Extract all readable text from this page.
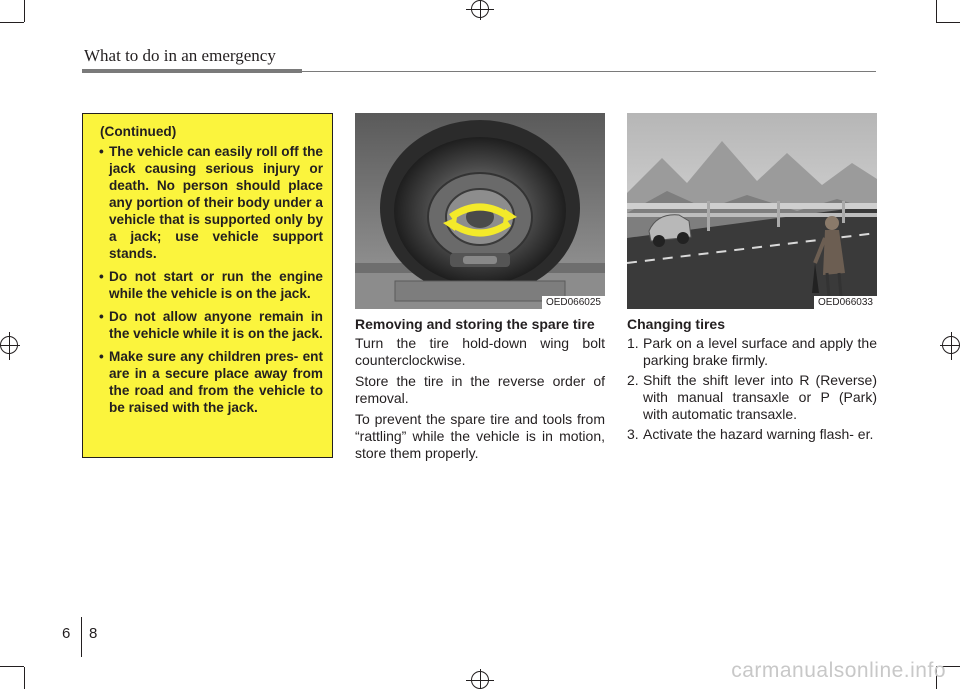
What to do in an emergency
(Continued)
• The vehicle can easily roll off the jack causing serious injury or death. No person should place any portion of their body under a vehicle that is supported only by a jack; use vehicle support stands.
• Do not start or run the engine while the vehicle is on the jack.
• Do not allow anyone remain in the vehicle while it is on the jack.
• Make sure any children pres- ent are in a secure place away from the road and from the vehicle to be raised with the jack.
OED066025	OED066033
Removing and storing the spare tire

Turn the tire hold-down wing bolt counterclockwise.

Store the tire in the reverse order of removal.

To prevent the spare tire and tools from “rattling” while the vehicle is in motion, store them properly.

Changing tires
1. Park on a level surface and apply the parking brake firmly.
2. Shift the shift lever into R (Reverse) with manual transaxle or P (Park) with automatic transaxle.
3. Activate the hazard warning flash- er.
6 8
carmanualsonline.info
